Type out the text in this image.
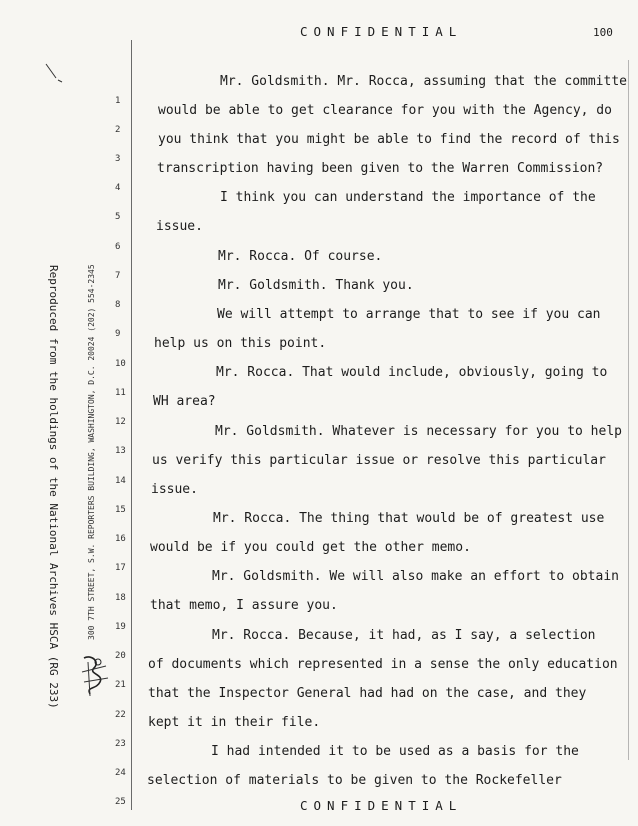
CONFIDENTIAL	100
Reproduced from the holdings of the National Archives HSCA (RG 233)	300 7TH STREET, S.W. REPORTERS BUILDING, WASHINGTON, D.C. 20024 (202) 554-2345
1
2
3
4
5
6
7
8
9
10
11
12
13
14
15
16
17
18
19
20
21
22
23
24
25	CONFIDENTIAL
Mr. Goldsmith. Mr. Rocca, assuming that the committe
would be able to get clearance for you with the Agency, do
you think that you might be able to find the record of this
transcription having been given to the Warren Commission?
I think you can understand the importance of the
issue.
Mr. Rocca. Of course.
Mr. Goldsmith. Thank you.
We will attempt to arrange that to see if you can
help us on this point.
Mr. Rocca. That would include, obviously, going to
WH area?
Mr. Goldsmith. Whatever is necessary for you to help
us verify this particular issue or resolve this particular
issue.
Mr. Rocca. The thing that would be of greatest use
would be if you could get the other memo.
Mr. Goldsmith. We will also make an effort to obtain
that memo, I assure you.
Mr. Rocca. Because, it had, as I say, a selection
of documents which represented in a sense the only education
that the Inspector General had had on the case, and they
kept it in their file.
I had intended it to be used as a basis for the
selection of materials to be given to the Rockefeller
